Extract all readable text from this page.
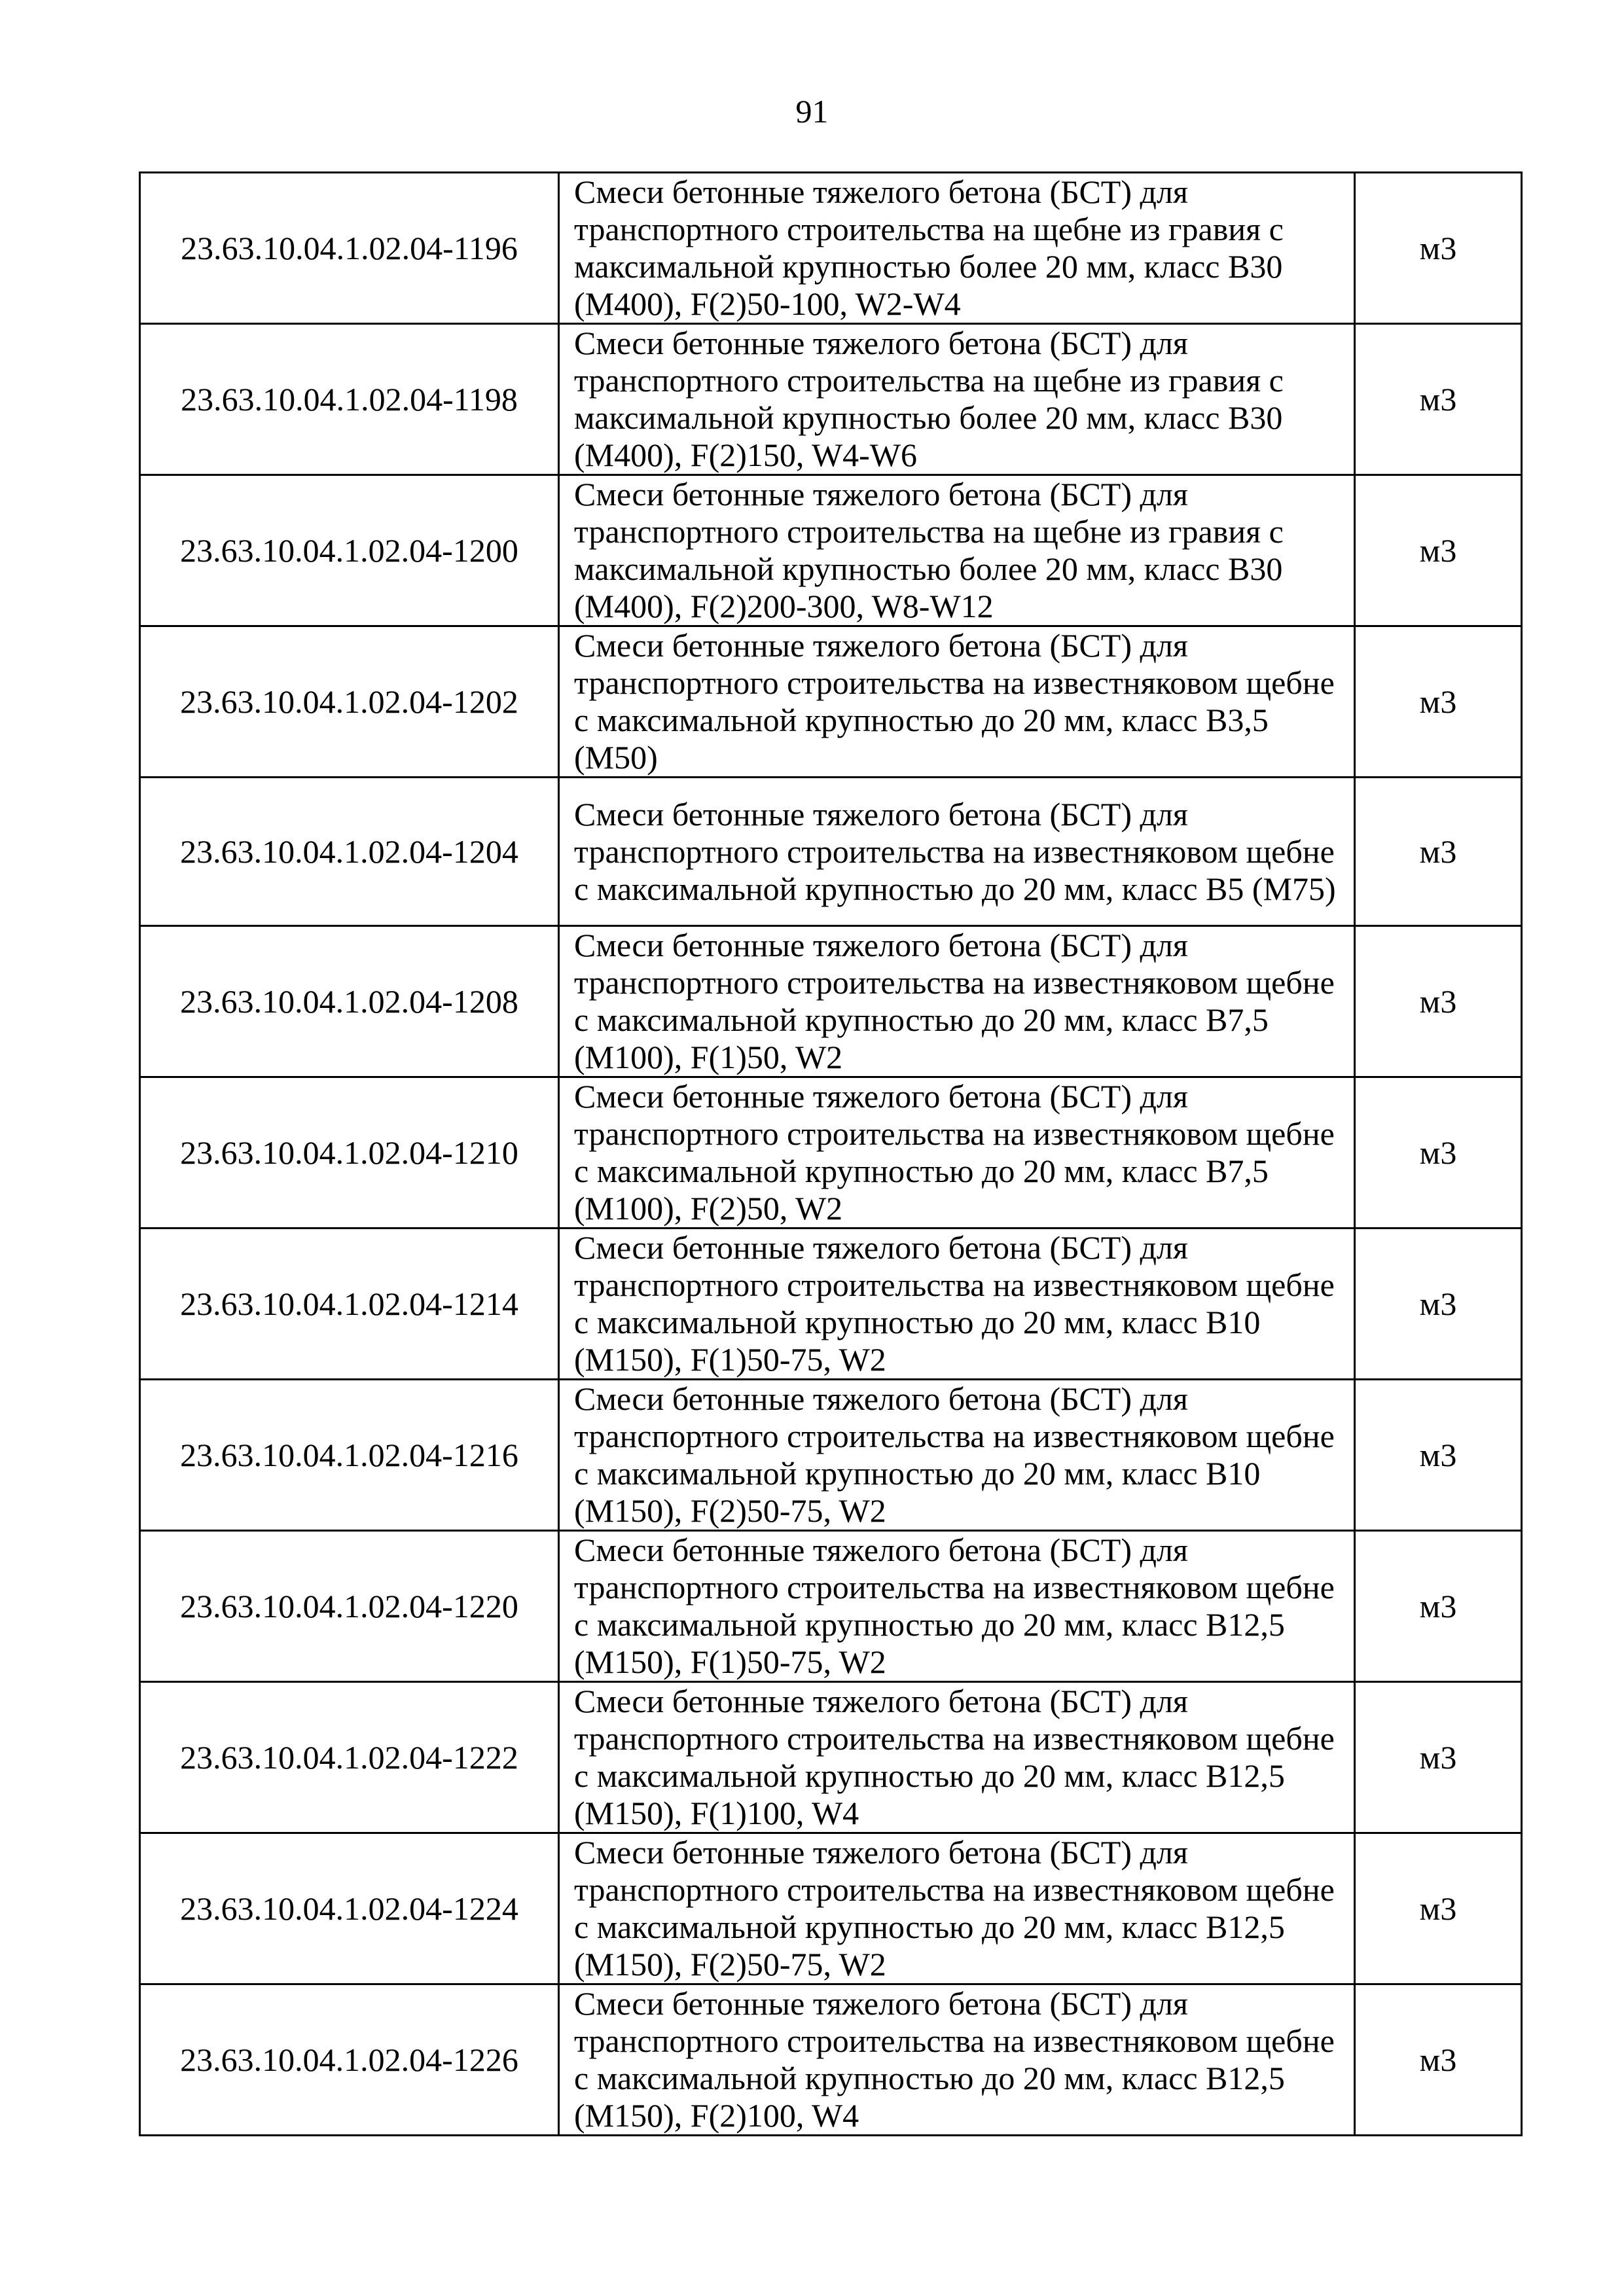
91
23.63.10.04.1.02.04-1196	Смеси бетонные тяжелого бетона (БСТ) для транспортного строительства на щебне из гравия с максимальной крупностью более 20 мм, класс В30 (М400), F(2)50-100, W2-W4	м3
23.63.10.04.1.02.04-1198	Смеси бетонные тяжелого бетона (БСТ) для транспортного строительства на щебне из гравия с максимальной крупностью более 20 мм, класс В30 (М400), F(2)150, W4-W6	м3
23.63.10.04.1.02.04-1200	Смеси бетонные тяжелого бетона (БСТ) для транспортного строительства на щебне из гравия с максимальной крупностью более 20 мм, класс В30 (М400), F(2)200-300, W8-W12	м3
23.63.10.04.1.02.04-1202	Смеси бетонные тяжелого бетона (БСТ) для транспортного строительства на известняковом щебне с максимальной крупностью до 20 мм, класс В3,5 (М50)	м3
23.63.10.04.1.02.04-1204	Смеси бетонные тяжелого бетона (БСТ) для транспортного строительства на известняковом щебне с максимальной крупностью до 20 мм, класс В5 (М75)	м3
23.63.10.04.1.02.04-1208	Смеси бетонные тяжелого бетона (БСТ) для транспортного строительства на известняковом щебне с максимальной крупностью до 20 мм, класс В7,5 (М100), F(1)50, W2	м3
23.63.10.04.1.02.04-1210	Смеси бетонные тяжелого бетона (БСТ) для транспортного строительства на известняковом щебне с максимальной крупностью до 20 мм, класс В7,5 (М100), F(2)50, W2	м3
23.63.10.04.1.02.04-1214	Смеси бетонные тяжелого бетона (БСТ) для транспортного строительства на известняковом щебне с максимальной крупностью до 20 мм, класс В10 (М150), F(1)50-75, W2	м3
23.63.10.04.1.02.04-1216	Смеси бетонные тяжелого бетона (БСТ) для транспортного строительства на известняковом щебне с максимальной крупностью до 20 мм, класс В10 (М150), F(2)50-75, W2	м3
23.63.10.04.1.02.04-1220	Смеси бетонные тяжелого бетона (БСТ) для транспортного строительства на известняковом щебне с максимальной крупностью до 20 мм, класс В12,5 (М150), F(1)50-75, W2	м3
23.63.10.04.1.02.04-1222	Смеси бетонные тяжелого бетона (БСТ) для транспортного строительства на известняковом щебне с максимальной крупностью до 20 мм, класс В12,5 (М150), F(1)100, W4	м3
23.63.10.04.1.02.04-1224	Смеси бетонные тяжелого бетона (БСТ) для транспортного строительства на известняковом щебне с максимальной крупностью до 20 мм, класс В12,5 (М150), F(2)50-75, W2	м3
23.63.10.04.1.02.04-1226	Смеси бетонные тяжелого бетона (БСТ) для транспортного строительства на известняковом щебне с максимальной крупностью до 20 мм, класс В12,5 (М150), F(2)100, W4	м3
